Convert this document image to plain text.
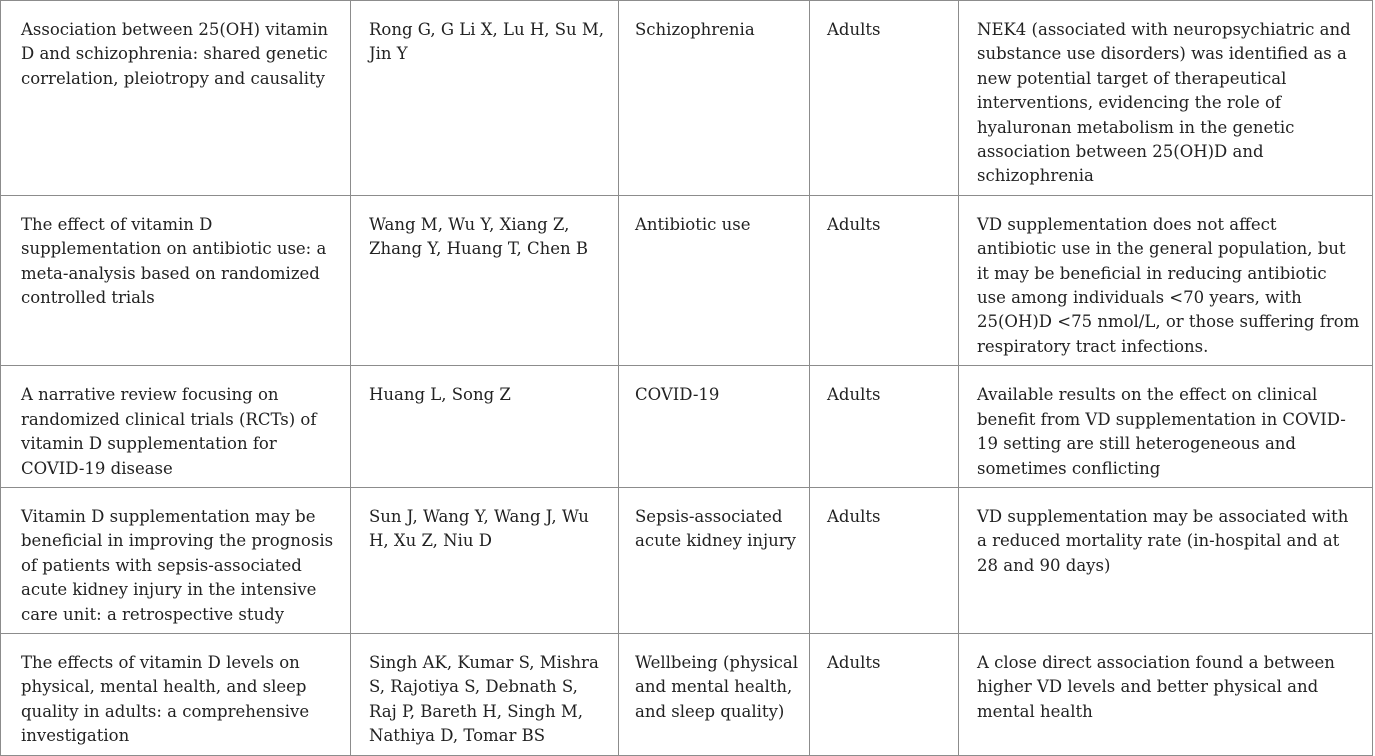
Association between 25(OH) vitamin D and schizophrenia: shared genetic correlation, pleiotropy and causality	Rong G, G Li X, Lu H, Su M, Jin Y	Schizophrenia	Adults	NEK4 (associated with neuropsychiatric and substance use disorders) was identified as a new potential target of therapeutical interventions, evidencing the role of hyaluronan metabolism in the genetic association between 25(OH)D and schizophrenia

The effect of vitamin D supplementation on antibiotic use: a meta-analysis based on randomized controlled trials	Wang M, Wu Y, Xiang Z, Zhang Y, Huang T, Chen B	Antibiotic use	Adults	VD supplementation does not affect antibiotic use in the general population, but it may be beneficial in reducing antibiotic use among individuals <70 years, with 25(OH)D <75 nmol/L, or those suffering from respiratory tract infections.

A narrative review focusing on randomized clinical trials (RCTs) of vitamin D supplementation for COVID-19 disease	Huang L, Song Z	COVID-19	Adults	Available results on the effect on clinical benefit from VD supplementation in COVID-19 setting are still heterogeneous and sometimes conflicting

Vitamin D supplementation may be beneficial in improving the prognosis of patients with sepsis-associated acute kidney injury in the intensive care unit: a retrospective study	Sun J, Wang Y, Wang J, Wu H, Xu Z, Niu D	Sepsis-associated acute kidney injury	Adults	VD supplementation may be associated with a reduced mortality rate (in-hospital and at 28 and 90 days)

The effects of vitamin D levels on physical, mental health, and sleep quality in adults: a comprehensive investigation	Singh AK, Kumar S, Mishra S, Rajotiya S, Debnath S, Raj P, Bareth H, Singh M, Nathiya D, Tomar BS	Wellbeing (physical and mental health, and sleep quality)	Adults	A close direct association found a between higher VD levels and better physical and mental health
